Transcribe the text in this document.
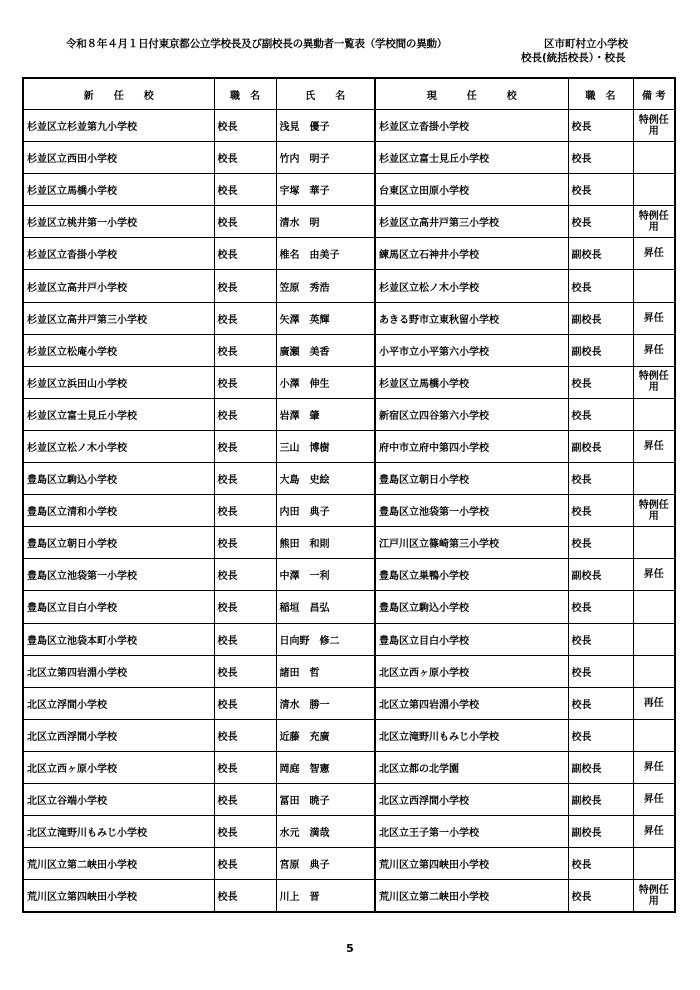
令和８年４月１日付東京都公立学校長及び副校長の異動者一覧表（学校間の異動）	区市町村立小学校
校長(統括校長）・校長
新　　任　　校	職　名	氏　　名	現　　　任　　　校	職　名	備 考
杉並区立杉並第九小学校	校長	浅見　優子	杉並区立沓掛小学校	校長	特例任用
杉並区立西田小学校	校長	竹内　明子	杉並区立富士見丘小学校	校長	
杉並区立馬橋小学校	校長	宇塚　華子	台東区立田原小学校	校長	
杉並区立桃井第一小学校	校長	清水　明	杉並区立高井戸第三小学校	校長	特例任用
杉並区立沓掛小学校	校長	椎名　由美子	練馬区立石神井小学校	副校長	昇任
杉並区立高井戸小学校	校長	笠原　秀浩	杉並区立松ノ木小学校	校長	
杉並区立高井戸第三小学校	校長	矢澤　英輝	あきる野市立東秋留小学校	副校長	昇任
杉並区立松庵小学校	校長	廣瀬　美香	小平市立小平第六小学校	副校長	昇任
杉並区立浜田山小学校	校長	小澤　伸生	杉並区立馬橋小学校	校長	特例任用
杉並区立富士見丘小学校	校長	岩澤　肇	新宿区立四谷第六小学校	校長	
杉並区立松ノ木小学校	校長	三山　博樹	府中市立府中第四小学校	副校長	昇任
豊島区立駒込小学校	校長	大島　史絵	豊島区立朝日小学校	校長	
豊島区立清和小学校	校長	内田　典子	豊島区立池袋第一小学校	校長	特例任用
豊島区立朝日小学校	校長	熊田　和則	江戸川区立篠崎第三小学校	校長	
豊島区立池袋第一小学校	校長	中澤　一利	豊島区立巣鴨小学校	副校長	昇任
豊島区立目白小学校	校長	稲垣　昌弘	豊島区立駒込小学校	校長	
豊島区立池袋本町小学校	校長	日向野　修二	豊島区立目白小学校	校長	
北区立第四岩淵小学校	校長	諸田　哲	北区立西ヶ原小学校	校長	
北区立浮間小学校	校長	清水　勝一	北区立第四岩淵小学校	校長	再任
北区立西浮間小学校	校長	近藤　充廣	北区立滝野川もみじ小学校	校長	
北区立西ヶ原小学校	校長	岡庭　智憲	北区立都の北学園	副校長	昇任
北区立谷端小学校	校長	冨田　暁子	北区立西浮間小学校	副校長	昇任
北区立滝野川もみじ小学校	校長	水元　満哉	北区立王子第一小学校	副校長	昇任
荒川区立第二峡田小学校	校長	宮原　典子	荒川区立第四峡田小学校	校長	
荒川区立第四峡田小学校	校長	川上　晋	荒川区立第二峡田小学校	校長	特例任用
5
